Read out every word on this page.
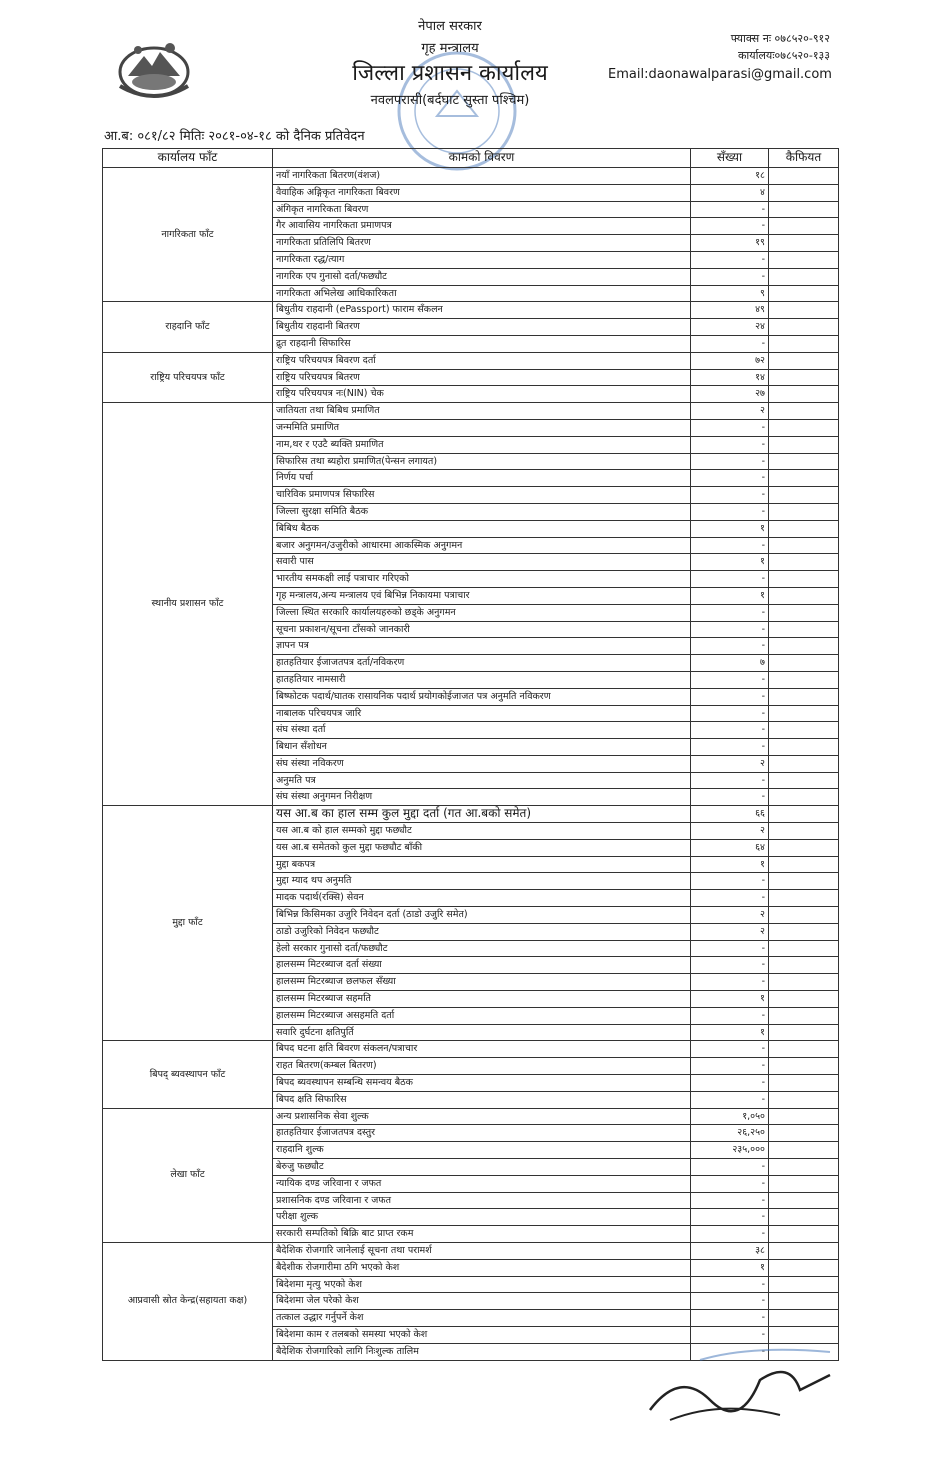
नेपाल सरकार
गृह मन्त्रालय
जिल्ला प्रशासन कार्यालय
नवलपरासी(बर्दघाट सुस्ता पश्चिम)
फ्याक्स नः ०७८५२०-९१२
कार्यालयः०७८५२०-१३३
Email:daonawalparasi@gmail.com
आ.ब: ०८१/८२ मितिः २०८१-०४-१८ को दैनिक प्रतिवेदन
कार्यालय फाँट	कामको विवरण	सँख्या	कैफियत
नागरिकता फाँट	नयाँ नागरिकता बितरण(वंशज)	१८	
	वैवाहिक अङ्गिकृत नागरिकता बिवरण	४	
	अंगिकृत नागरिकता बिवरण	-	
	गैर आवासिय नागरिकता प्रमाणपत्र	-	
	नागरिकता प्रतिलिपि बितरण	१९	
	नागरिकता रद्ध/त्याग	-	
	नागरिक एप गुनासो दर्ता/फछ्यौट	-	
	नागरिकता अभिलेख आधिकारिकता	९	
राहदानि फाँट	बिधुतीय राहदानी (ePassport) फाराम सँकलन	४९	
	बिधुतीय राहदानी बितरण	२४	
	द्रुत राहदानी सिफारिस	-	
राष्ट्रिय परिचयपत्र फाँट	राष्ट्रिय परिचयपत्र बिवरण दर्ता	७२	
	राष्ट्रिय परिचयपत्र बितरण	१४	
	राष्ट्रिय परिचयपत्र नः(NIN) चेक	२७	
स्थानीय प्रशासन फाँट	जातियता तथा बिबिध प्रमाणित	२	
	जन्ममिति प्रमाणित	-	
	नाम,थर र एउटै ब्यक्ति प्रमाणित	-	
	सिफारिस तथा ब्यहोरा प्रमाणित(पेन्सन लगायत)	-	
	निर्णय पर्चा	-	
	चारिविक प्रमाणपत्र सिफारिस	-	
	जिल्ला सुरक्षा समिति बैठक	-	
	बिबिध बैठक	१	
	बजार अनुगमन/उजुरीको आधारमा आकस्मिक अनुगमन	-	
	सवारी पास	१	
	भारतीय समकक्षी लाई पत्राचार गरिएको	-	
	गृह मन्त्रालय,अन्य मन्त्रालय एवं बिभिन्न निकायमा पत्राचार	१	
	जिल्ला स्थित सरकारि कार्यालयहरुको छड्के अनुगमन	-	
	सूचना प्रकाशन/सूचना टाँसको जानकारी	-	
	ज्ञापन पत्र	-	
	हातहतियार ईजाजतपत्र दर्ता/नविकरण	७	
	हातहतियार नामसारी	-	
	बिष्फोटक पदार्थ/घातक रासायनिक पदार्थ प्रयोगकोईजाजत पत्र अनुमति नविकरण	-	
	नाबालक परिचयपत्र जारि	-	
	संघ संस्था दर्ता	-	
	बिधान सँशोधन	-	
	संघ संस्था नविकरण	२	
	अनुमति पत्र	-	
	संघ संस्था अनुगमन निरीक्षण	-	
मुद्दा फाँट	यस आ.ब का हाल सम्म कुल मुद्दा दर्ता (गत आ.बको समेत)	६६	
	यस आ.ब को हाल सम्मको मुद्दा फछ्यौट	२	
	यस आ.ब समेतको कुल मुद्दा फछ्यौट बाँकी	६४	
	मुद्दा बकपत्र	१	
	मुद्दा म्याद थप अनुमति	-	
	मादक पदार्थ(रक्सि) सेवन	-	
	बिभिन्न किसिमका उजुरि निवेदन दर्ता (ठाडो उजुरि समेत)	२	
	ठाडो उजुरिको निवेदन फछ्यौट	२	
	हेलो सरकार गुनासो दर्ता/फछ्यौट	-	
	हालसम्म मिटरब्याज दर्ता संख्या	-	
	हालसम्म मिटरब्याज छलफल सँख्या	-	
	हालसम्म मिटरब्याज सहमति	१	
	हालसम्म मिटरब्याज असहमति दर्ता	-	
	सवारि दुर्घटना क्षतिपुर्ति	१	
बिपद् ब्यवस्थापन फाँट	बिपद घटना क्षति बिवरण संकलन/पत्राचार	-	
	राहत बितरण(कम्बल बितरण)	-	
	बिपद ब्यवस्थापन सम्बन्धि समन्वय बैठक	-	
	बिपद क्षति सिफारिस	-	
लेखा फाँट	अन्य प्रशासनिक सेवा शुल्क	१,०५०	
	हातहतियार ईजाजतपत्र दस्तुर	२६,२५०	
	राहदानि शुल्क	२३५,०००	
	बेरुजु फछ्यौट	-	
	न्यायिक दण्ड जरिवाना र जफत	-	
	प्रशासनिक दण्ड जरिवाना र जफत	-	
	परीक्षा शुल्क	-	
	सरकारी सम्पतिको बिक्रि बाट प्राप्त रकम	-	
आप्रवासी स्रोत केन्द्र(सहायता कक्ष)	बैदेशिक रोजगारि जानेलाई सूचना तथा परामर्श	३८	
	बैदेशीक रोजगारीमा ठगि भएको केश	१	
	बिदेशमा मृत्यु भएको केश	-	
	बिदेशमा जेल परेको केश	-	
	तत्काल उद्धार गर्नुपर्ने केश	-	
	बिदेशमा काम र तलबको समस्या भएको केश	-	
	बैदेशिक रोजगारिको लागि निःशुल्क तालिम	-	
